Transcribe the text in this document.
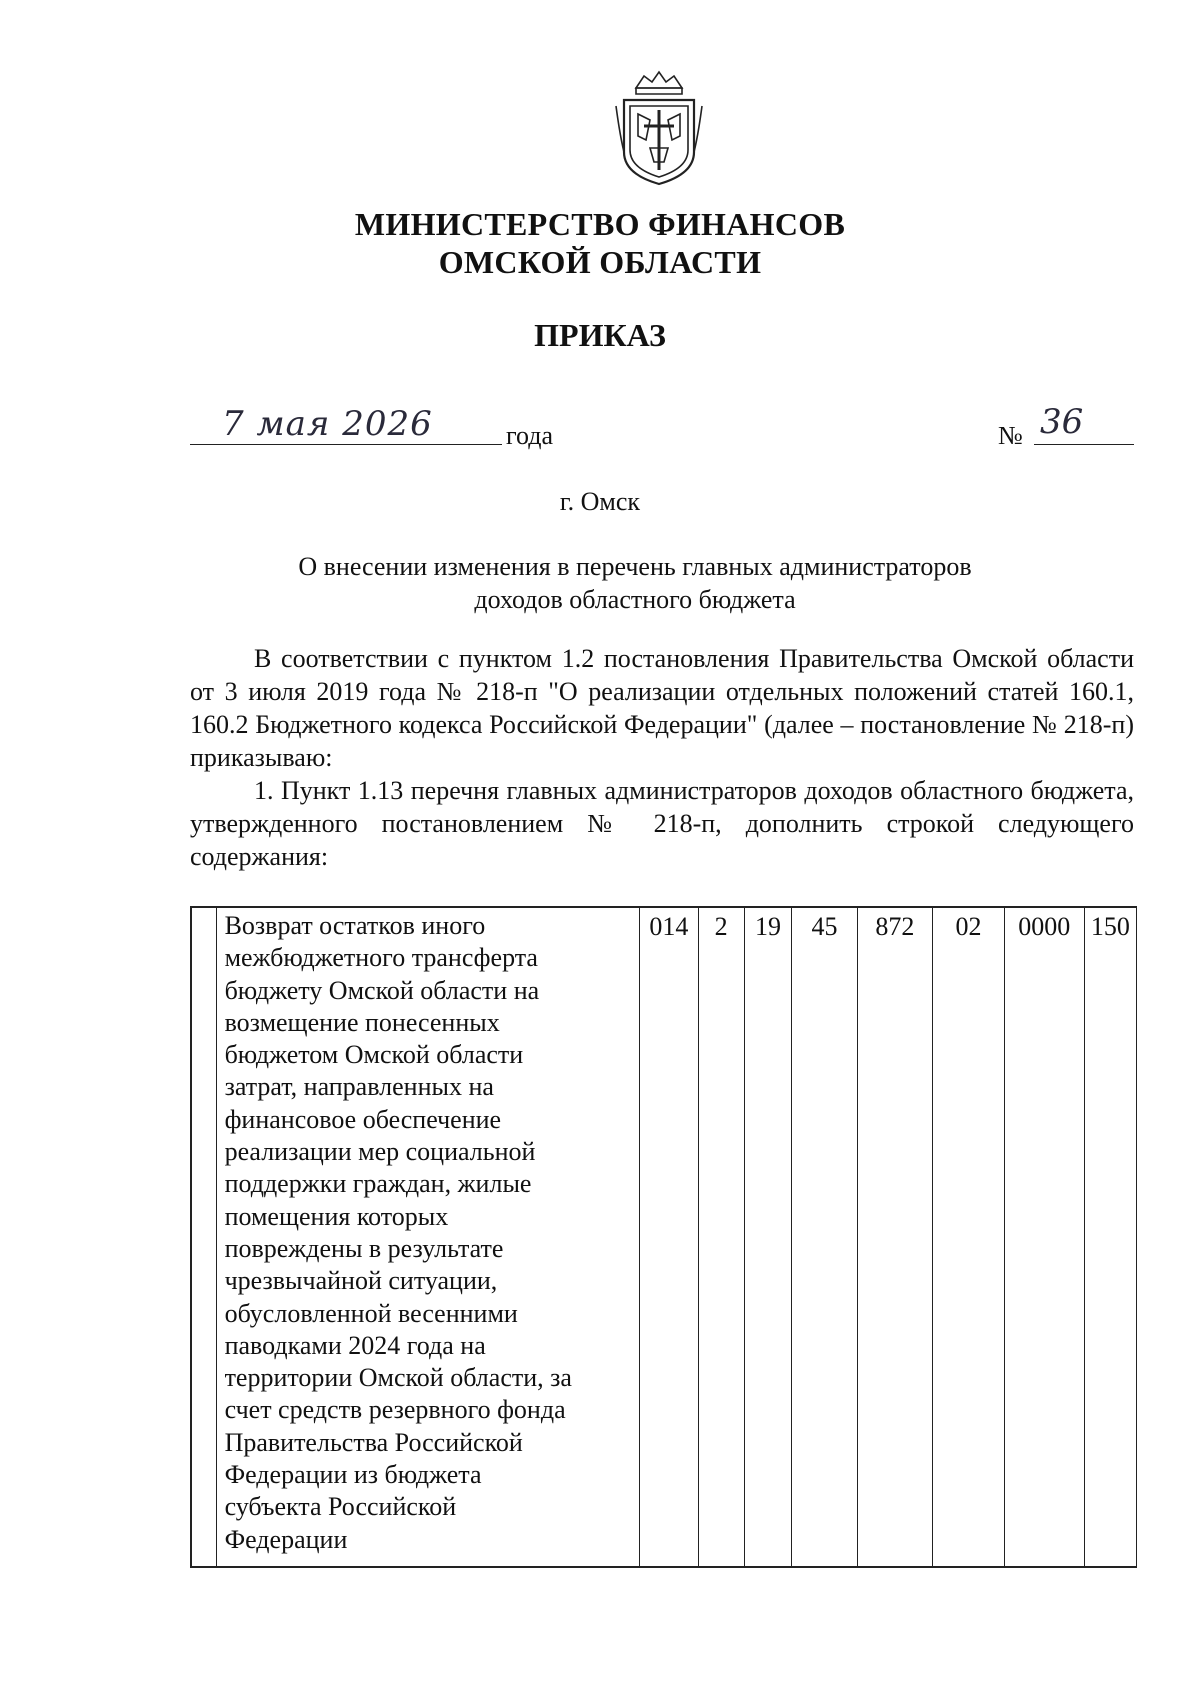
МИНИСТЕРСТВО ФИНАНСОВ
ОМСКОЙ ОБЛАСТИ
ПРИКАЗ
7 мая 2026	года	№ 36
г. Омск
О внесении изменения в перечень главных администраторов
доходов областного бюджета

В соответствии с пунктом 1.2 постановления Правительства Омской области от 3 июля 2019 года № 218-п "О реализации отдельных положений статей 160.1, 160.2 Бюджетного кодекса Российской Федерации" (далее – постановление № 218-п) приказываю:

1. Пункт 1.13 перечня главных администраторов доходов областного бюджета, утвержденного постановлением № 218-п, дополнить строкой следующего содержания:

Возврат остатков иного
межбюджетного трансферта
бюджету Омской области на
возмещение понесенных
бюджетом Омской области
затрат, направленных на
финансовое обеспечение
реализации мер социальной
поддержки граждан, жилые
помещения которых
повреждены в результате
чрезвычайной ситуации,
обусловленной весенними
паводками 2024 года на
территории Омской области, за
счет средств резервного фонда
Правительства Российской
Федерации из бюджета
субъекта Российской
Федерации
	014	2	19	45	872	02	0000	150
